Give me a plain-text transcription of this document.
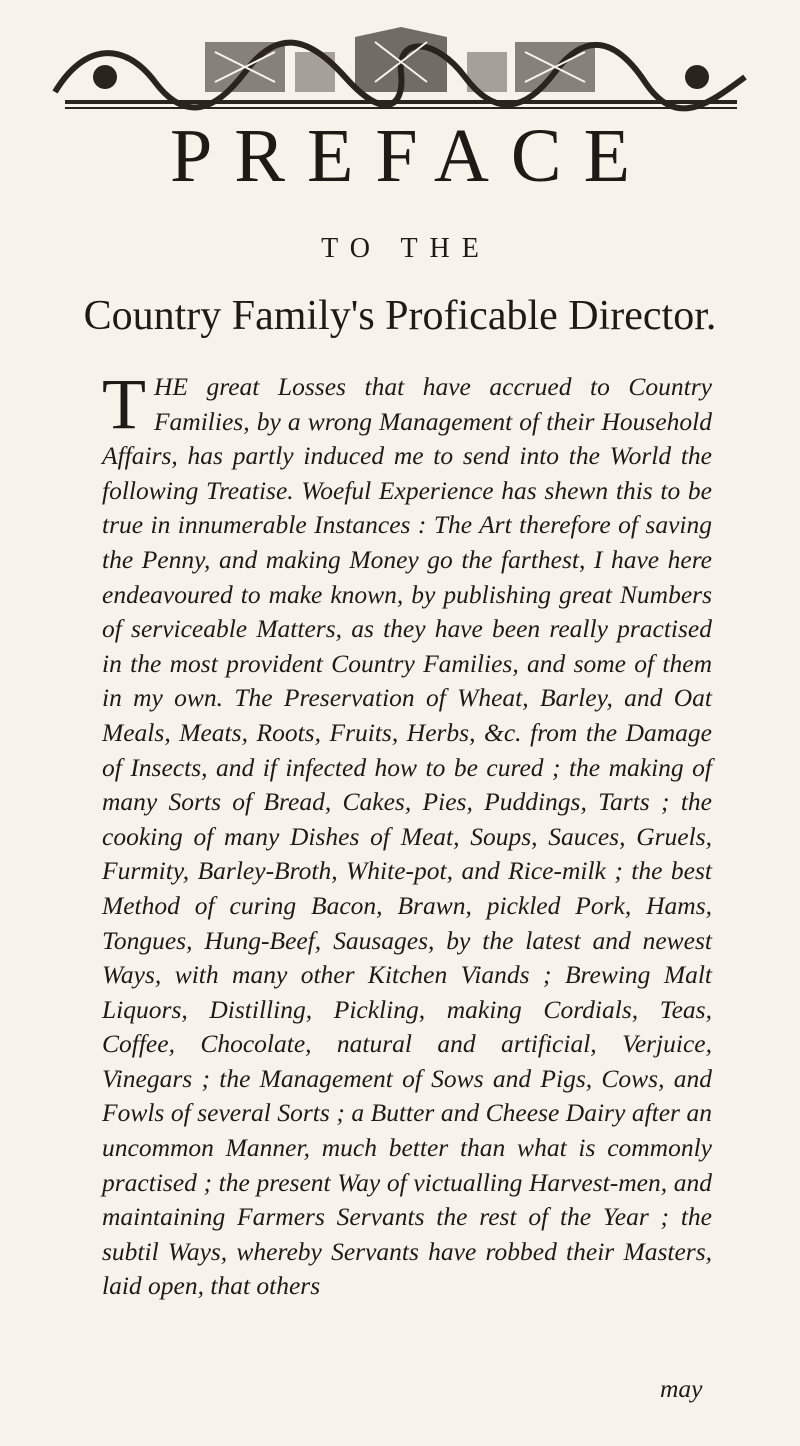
PREFACE
TO THE
Country Family's Proficable Director.
THE great Losses that have accrued to Country Families, by a wrong Management of their Household Affairs, has partly induced me to send into the World the following Treatise. Woeful Experience has shewn this to be true in innumerable Instances : The Art therefore of saving the Penny, and making Money go the farthest, I have here endeavoured to make known, by publishing great Numbers of serviceable Matters, as they have been really practised in the most provident Country Families, and some of them in my own. The Preservation of Wheat, Barley, and Oat Meals, Meats, Roots, Fruits, Herbs, &c. from the Damage of Insects, and if infected how to be cured ; the making of many Sorts of Bread, Cakes, Pies, Puddings, Tarts ; the cooking of many Dishes of Meat, Soups, Sauces, Gruels, Furmity, Barley-Broth, White-pot, and Rice-milk ; the best Method of curing Bacon, Brawn, pickled Pork, Hams, Tongues, Hung-Beef, Sausages, by the latest and newest Ways, with many other Kitchen Viands ; Brewing Malt Liquors, Distilling, Pickling, making Cordials, Teas, Coffee, Chocolate, natural and artificial, Verjuice, Vinegars ; the Management of Sows and Pigs, Cows, and Fowls of several Sorts ; a Butter and Cheese Dairy after an uncommon Manner, much better than what is commonly practised ; the present Way of victualling Harvest-men, and maintaining Farmers Servants the rest of the Year ; the subtil Ways, whereby Servants have robbed their Masters, laid open, that others
may
